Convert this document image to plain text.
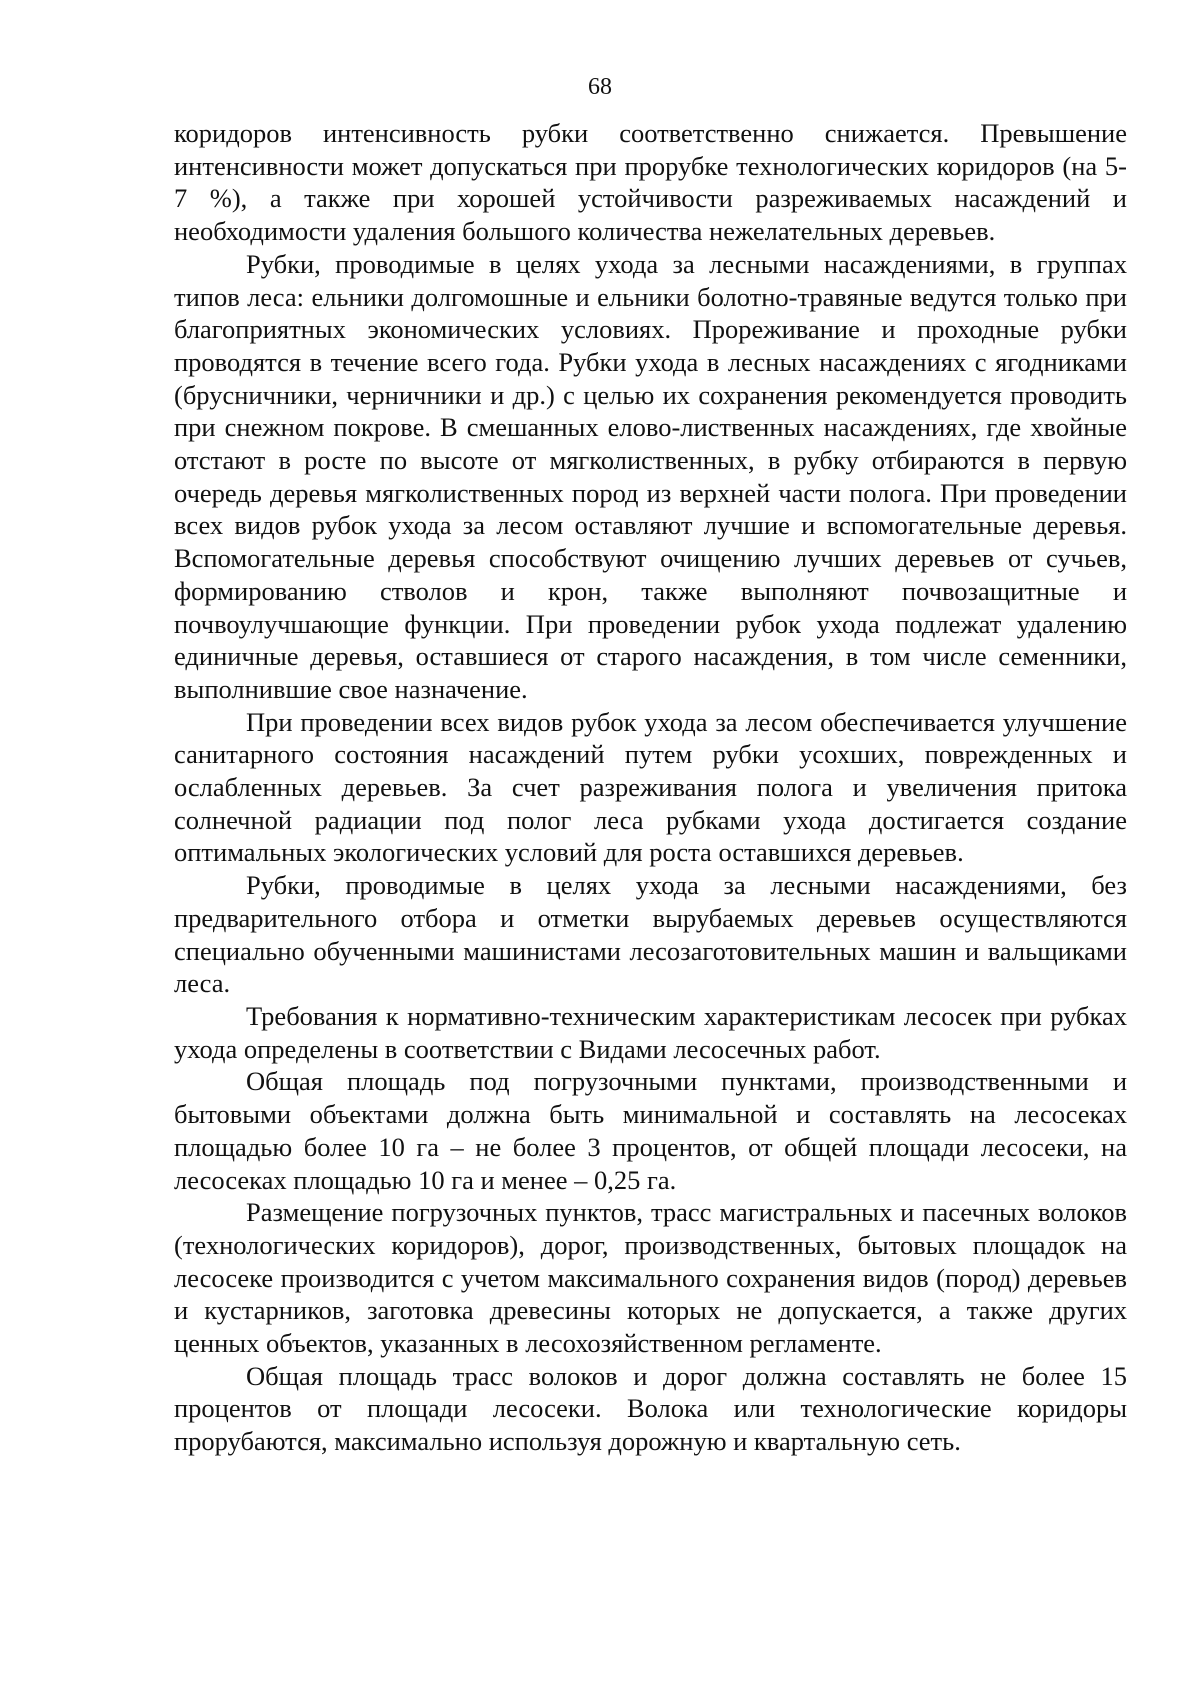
68

коридоров интенсивность рубки соответственно снижается. Превышение интенсивности может допускаться при прорубке технологических коридоров (на 5-7 %), а также при хорошей устойчивости разреживаемых насаждений и необходимости удаления большого количества нежелательных деревьев.

Рубки, проводимые в целях ухода за лесными насаждениями, в группах типов леса: ельники долгомошные и ельники болотно-травяные ведутся только при благоприятных экономических условиях. Прореживание и проходные рубки проводятся в течение всего года. Рубки ухода в лесных насаждениях с ягодниками (брусничники, черничники и др.) с целью их сохранения рекомендуется проводить при снежном покрове. В смешанных елово-лиственных насаждениях, где хвойные отстают в росте по высоте от мягколиственных, в рубку отбираются в первую очередь деревья мягколиственных пород из верхней части полога. При проведении всех видов рубок ухода за лесом оставляют лучшие и вспомогательные деревья. Вспомогательные деревья способствуют очищению лучших деревьев от сучьев, формированию стволов и крон, также выполняют почвозащитные и почвоулучшающие функции. При проведении рубок ухода подлежат удалению единичные деревья, оставшиеся от старого насаждения, в том числе семенники, выполнившие свое назначение.

При проведении всех видов рубок ухода за лесом обеспечивается улучшение санитарного состояния насаждений путем рубки усохших, поврежденных и ослабленных деревьев. За счет разреживания полога и увеличения притока солнечной радиации под полог леса рубками ухода достигается создание оптимальных экологических условий для роста оставшихся деревьев.

Рубки, проводимые в целях ухода за лесными насаждениями, без предварительного отбора и отметки вырубаемых деревьев осуществляются специально обученными машинистами лесозаготовительных машин и вальщиками леса.

Требования к нормативно-техническим характеристикам лесосек при рубках ухода определены в соответствии с Видами лесосечных работ.

Общая площадь под погрузочными пунктами, производственными и бытовыми объектами должна быть минимальной и составлять на лесосеках площадью более 10 га – не более 3 процентов, от общей площади лесосеки, на лесосеках площадью 10 га и менее – 0,25 га.

Размещение погрузочных пунктов, трасс магистральных и пасечных волоков (технологических коридоров), дорог, производственных, бытовых площадок на лесосеке производится с учетом максимального сохранения видов (пород) деревьев и кустарников, заготовка древесины которых не допускается, а также других ценных объектов, указанных в лесохозяйственном регламенте.

Общая площадь трасс волоков и дорог должна составлять не более 15 процентов от площади лесосеки. Волока или технологические коридоры прорубаются, максимально используя дорожную и квартальную сеть.
